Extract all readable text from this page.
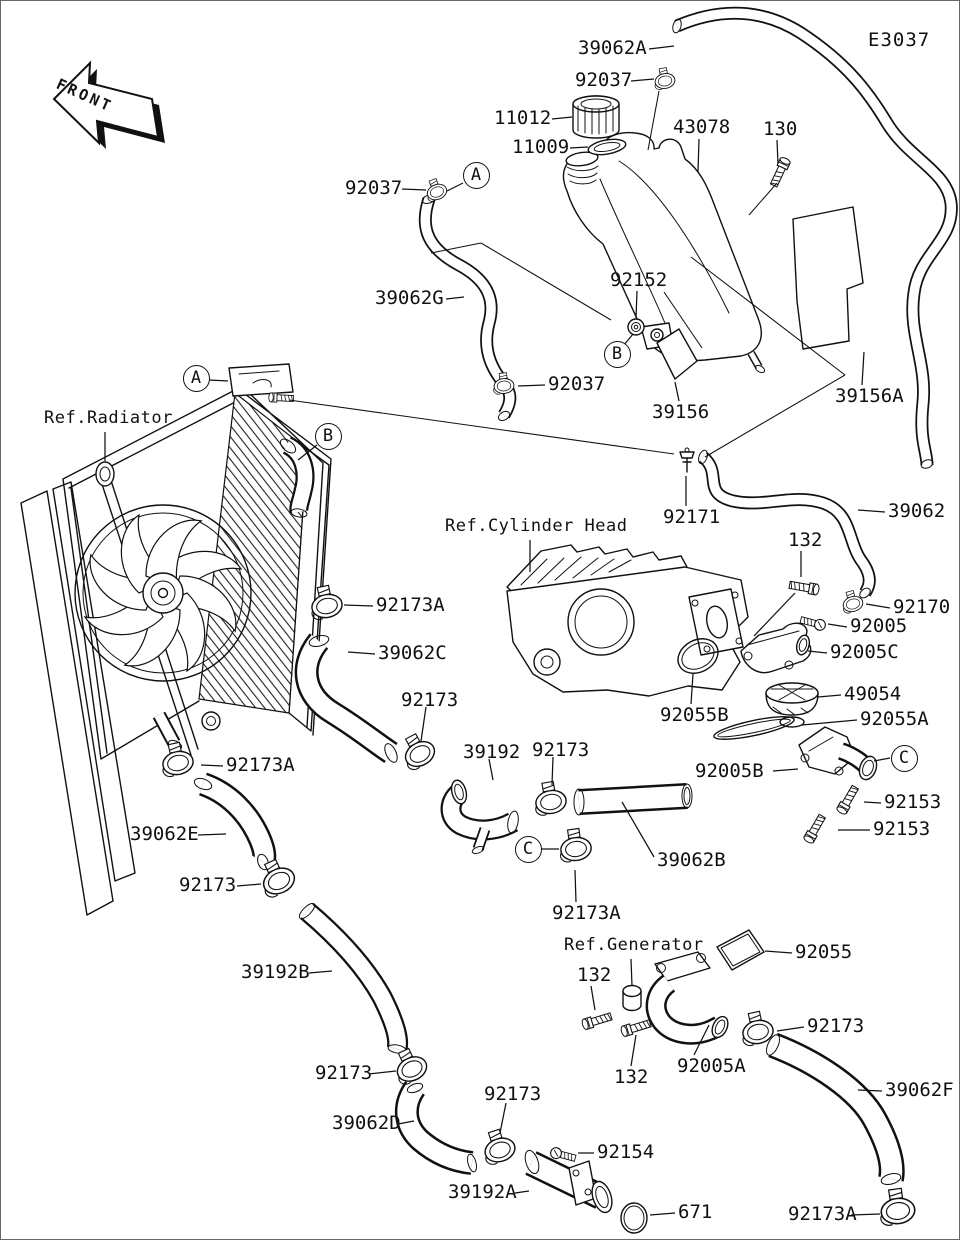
FRONT
E3037
39062A
92037
11012
11009
43078 130
92037
39062G
92152
92037
39156
39156A
92171	39062
132
92170
92005
92005C
49054
92055A
92055B
92005B
92153
92153
92173A
39062C
92173
39192 92173
39062B
92173A
92173A
39062E
92173
39192B
92173
39062D
92173
39192A
92154
671
92055
132
132
92173
92005A
39062F
92173A
Ref.Radiator
Ref.Cylinder Head
Ref.Generator
A
A
B
B
C
C
